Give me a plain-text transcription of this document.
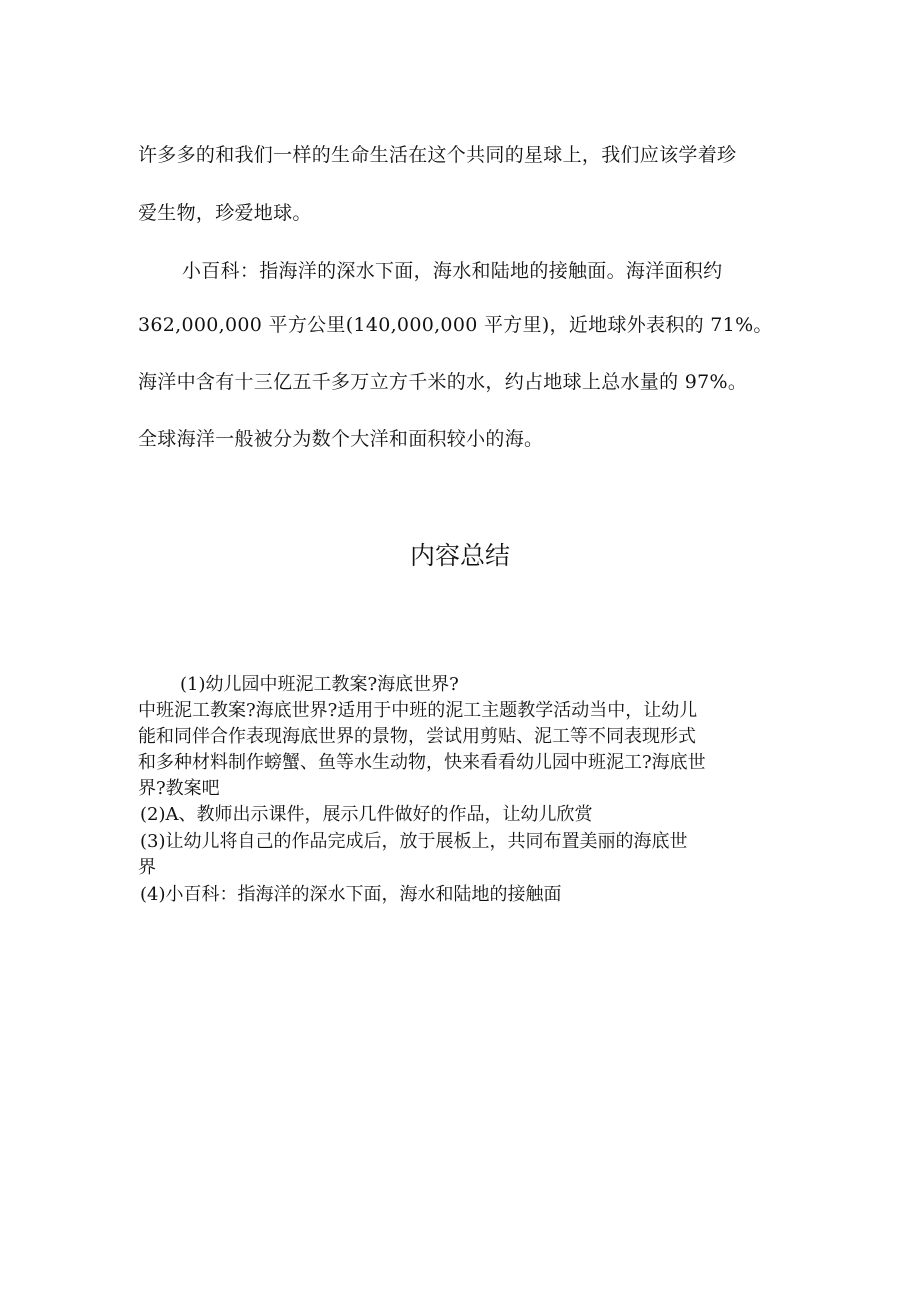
许多多的和我们一样的生命生活在这个共同的星球上，我们应该学着珍
爱生物，珍爱地球。
小百科：指海洋的深水下面，海水和陆地的接触面。海洋面积约
362,000,000 平方公里(140,000,000 平方里)，近地球外表积的 71%。
海洋中含有十三亿五千多万立方千米的水，约占地球上总水量的 97%。
全球海洋一般被分为数个大洋和面积较小的海。
内容总结
(1)幼儿园中班泥工教案?海底世界?
中班泥工教案?海底世界?适用于中班的泥工主题教学活动当中，让幼儿
能和同伴合作表现海底世界的景物，尝试用剪贴、泥工等不同表现形式
和多种材料制作螃蟹、鱼等水生动物，快来看看幼儿园中班泥工?海底世
界?教案吧
(2)A、教师出示课件，展示几件做好的作品，让幼儿欣赏
(3)让幼儿将自己的作品完成后，放于展板上，共同布置美丽的海底世
界
(4)小百科：指海洋的深水下面，海水和陆地的接触面
